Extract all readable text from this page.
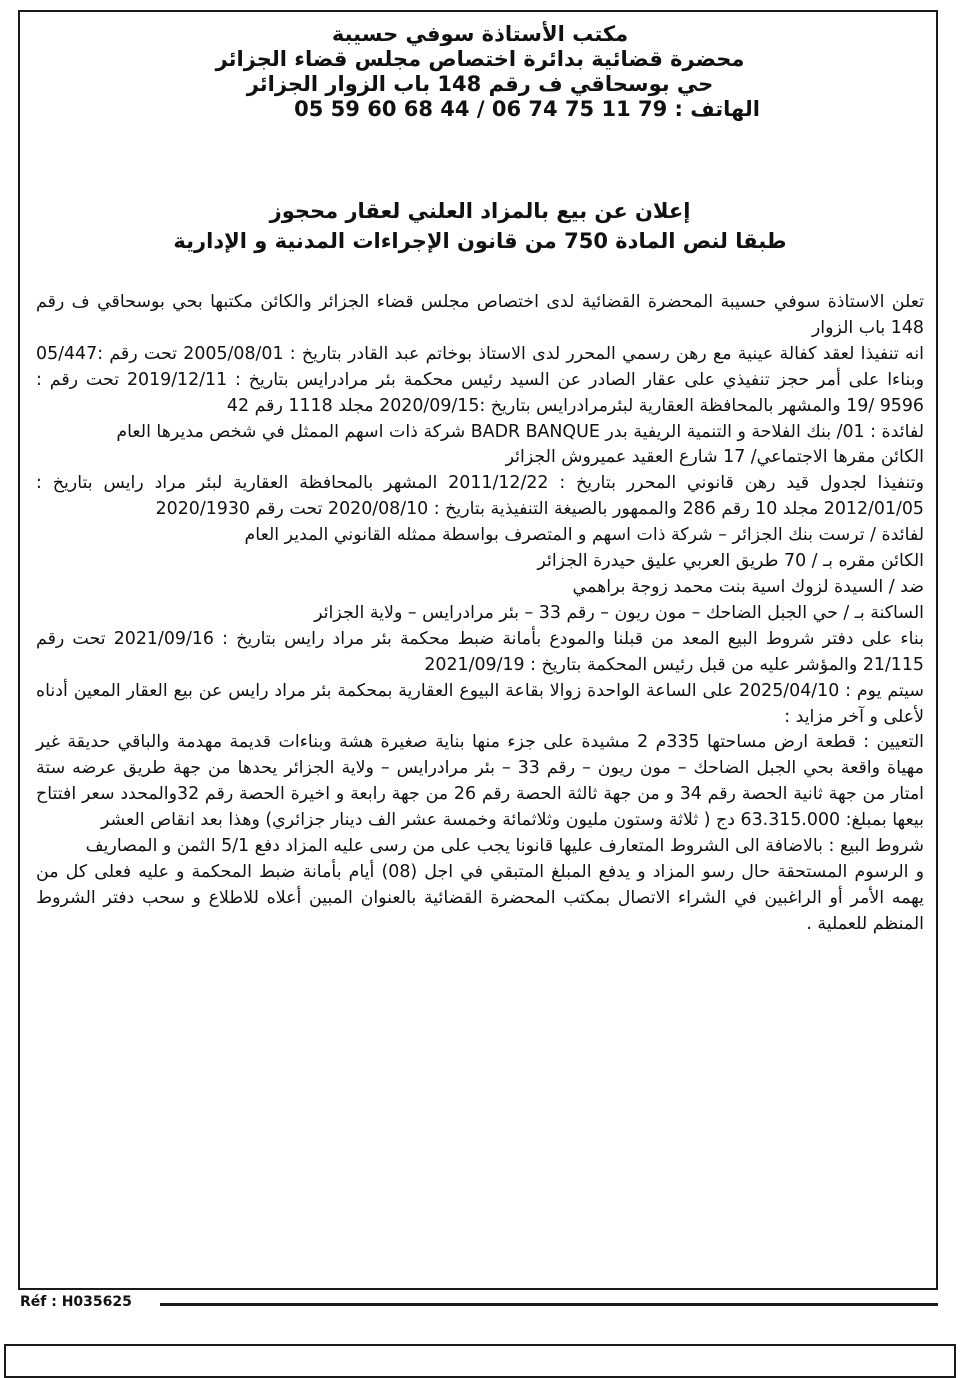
مكتب الأستاذة سوفي حسيبة
محضرة قضائية بدائرة اختصاص مجلس قضاء الجزائر
حي بوسحاقي ف رقم 148 باب الزوار الجزائر
الهاتف : 79 11 75 74 06 / 44 68 60 59 05
إعلان عن بيع بالمزاد العلني لعقار محجوز
طبقا لنص المادة 750 من قانون الإجراءات المدنية و الإدارية

تعلن الاستاذة سوفي حسيبة المحضرة القضائية لدى اختصاص مجلس قضاء الجزائر والكائن مكتبها بحي بوسحاقي ف رقم 148 باب الزوار

انه تنفيذا لعقد كفالة عينية مع رهن رسمي المحرر لدى الاستاذ بوخاتم عبد القادر بتاريخ : 2005/08/01 تحت رقم :05/447 وبناءا على أمر حجز تنفيذي على عقار الصادر عن السيد رئيس محكمة بئر مرادرايس بتاريخ : 2019/12/11 تحت رقم : 9596 /19 والمشهر بالمحافظة العقارية لبئرمرادرايس بتاريخ :2020/09/15 مجلد 1118 رقم 42

لفائدة : 01/ بنك الفلاحة و التنمية الريفية بدر BADR BANQUE شركة ذات اسهم الممثل في شخص مديرها العام

الكائن مقرها الاجتماعي/ 17 شارع العقيد عميروش الجزائر

وتنفيذا لجدول قيد رهن قانوني المحرر بتاريخ : 2011/12/22 المشهر بالمحافظة العقارية لبئر مراد رايس بتاريخ : 2012/01/05 مجلد 10 رقم 286 والممهور بالصيغة التنفيذية بتاريخ : 2020/08/10 تحت رقم 2020/1930

لفائدة / ترست بنك الجزائر – شركة ذات اسهم و المتصرف بواسطة ممثله القانوني المدير العام

الكائن مقره بـ / 70 طريق العربي عليق حيدرة الجزائر

ضد / السيدة لزوك اسية بنت محمد زوجة براهمي

الساكنة بـ / حي الجبل الضاحك – مون ريون – رقم 33 – بئر مرادرايس – ولاية الجزائر

بناء على دفتر شروط البيع المعد من قبلنا والمودع بأمانة ضبط محكمة بئر مراد رايس بتاريخ : 2021/09/16 تحت رقم 21/115 والمؤشر عليه من قبل رئيس المحكمة بتاريخ : 2021/09/19

سيتم يوم : 2025/04/10 على الساعة الواحدة زوالا بقاعة البيوع العقارية بمحكمة بئر مراد رايس عن بيع العقار المعين أدناه لأعلى و آخر مزايد :

التعيين : قطعة ارض مساحتها 335م 2 مشيدة على جزء منها بناية صغيرة هشة وبناءات قديمة مهدمة والباقي حديقة غير مهياة واقعة بحي الجبل الضاحك – مون ريون – رقم 33 – بئر مرادرايس – ولاية الجزائر يحدها من جهة طريق عرضه ستة امتار من جهة ثانية الحصة رقم 34 و من جهة ثالثة الحصة رقم 26 من جهة رابعة و اخيرة الحصة رقم 32والمحدد سعر افتتاح بيعها بمبلغ: 63.315.000 دج ( ثلاثة وستون مليون وثلاثمائة وخمسة عشر الف دينار جزائري) وهذا بعد انقاص العشر

شروط البيع : بالاضافة الى الشروط المتعارف عليها قانونا يجب على من رسى عليه المزاد دفع 5/1 الثمن و المصاريف

و الرسوم المستحقة حال رسو المزاد و يدفع المبلغ المتبقي في اجل (08) أيام بأمانة ضبط المحكمة و عليه فعلى كل من يهمه الأمر أو الراغبين في الشراء الاتصال بمكتب المحضرة القضائية بالعنوان المبين أعلاه للاطلاع و سحب دفتر الشروط المنظم للعملية .

Réf : H035625
